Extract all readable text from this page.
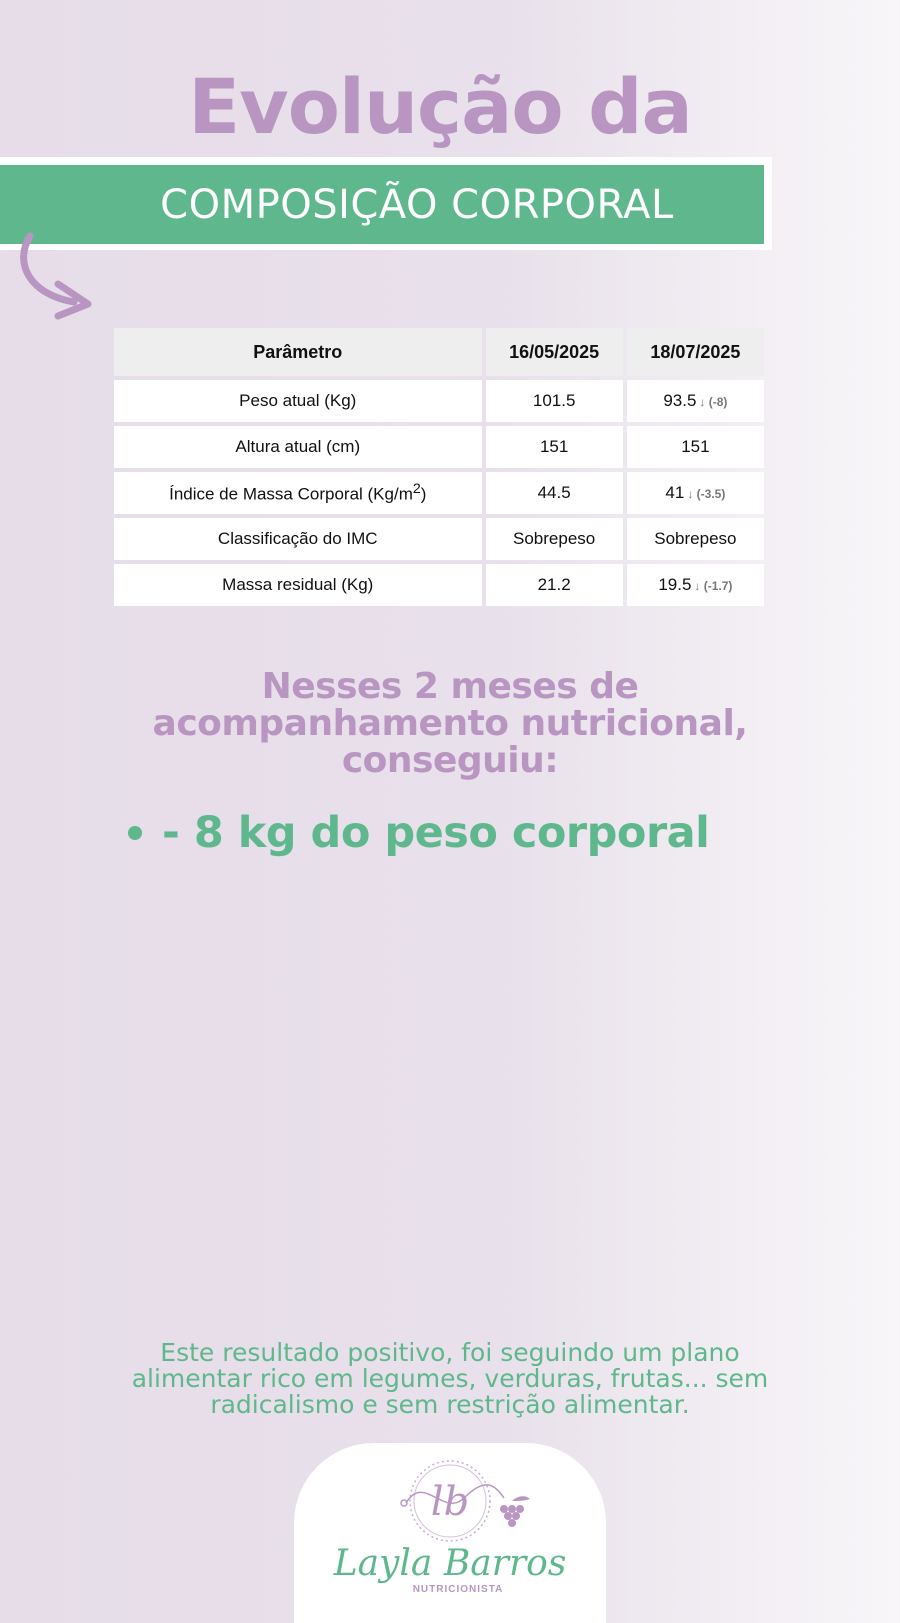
Evolução da
COMPOSIÇÃO CORPORAL
Parâmetro	16/05/2025	18/07/2025
Peso atual (Kg)	101.5	93.5 ↓ (-8)
Altura atual (cm)	151	151
Índice de Massa Corporal $(Kg/m^2)$	44.5	41 ↓ (-3.5)
Classificação do IMC	Sobrepeso	Sobrepeso
Massa residual (Kg)	21.2	19.5 ↓ (-1.7)
Nesses 2 meses de
acompanhamento nutricional,
conseguiu:
- 8 kg do peso corporal
Este resultado positivo, foi seguindo um plano
alimentar rico em legumes, verduras, frutas... sem
radicalismo e sem restrição alimentar.
lb
Layla Barros
NUTRICIONISTA
